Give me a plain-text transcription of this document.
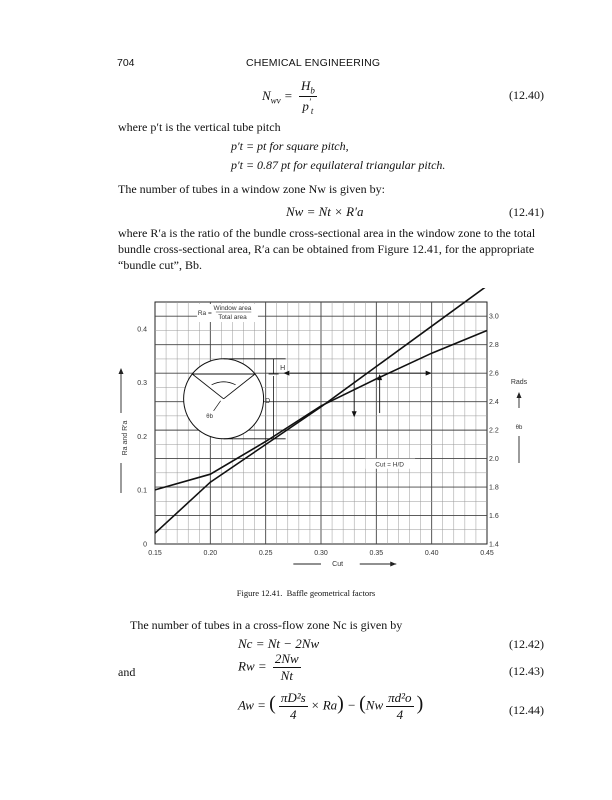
704	CHEMICAL ENGINEERING
$N_{wv} = \frac{H_b}{p'_t}$	(12.40)
where p′t is the vertical tube pitch
p′t = pt for square pitch,
p′t = 0.87 pt for equilateral triangular pitch.
The number of tubes in a window zone Nw is given by:
Nw = Nt × R′a	(12.41)
where R′a is the ratio of the bundle cross-sectional area in the window zone to the total
bundle cross-sectional area, R′a can be obtained from Figure 12.41, for the appropriate
“bundle cut”, Bb.
0.15	0.20	0.25	0.30	0.35	0.40	0.45
0
0.1
0.2
0.3
0.4
1.4
1.6
1.8
2.0
2.2
2.4
2.6
2.8
3.0
Cut
Ra and R′a
Rads
θb
Ra =
Window area
Total area
θb
H
D
Cut = H/D
Figure 12.41. Baffle geometrical factors
The number of tubes in a cross-flow zone Nc is given by
Nc = Nt − 2Nw	(12.42)
and	$Rw = \frac{2Nw}{Nt}$	(12.43)
Aw = ( $\frac{\text{πD²s}}{4} \times Ra) - (Nw \frac{\text{πd²o}}{4}$ )	(12.44)
